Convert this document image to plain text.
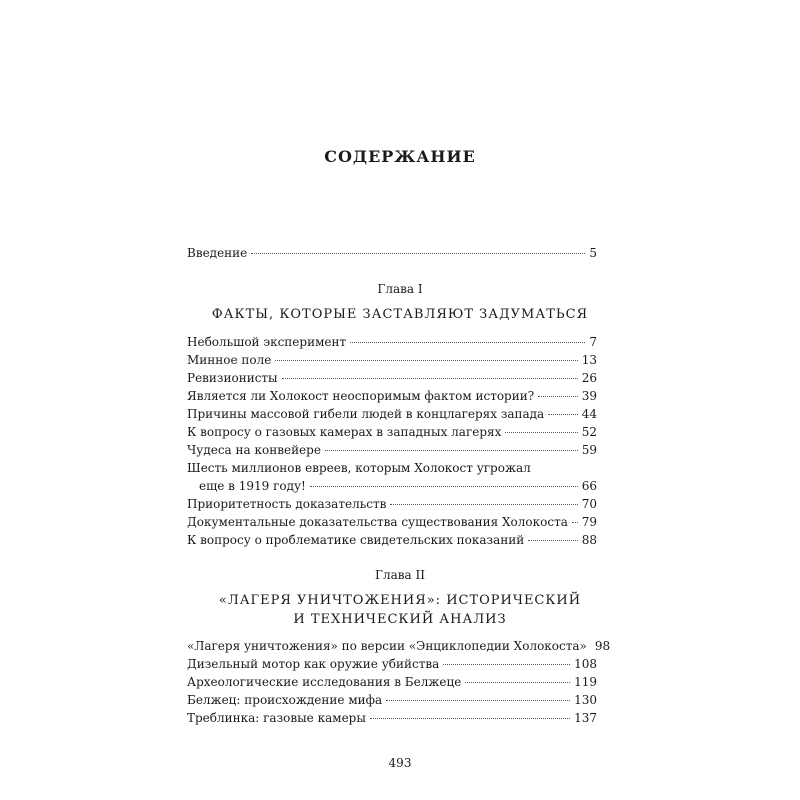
СОДЕРЖАНИЕ
Введение	5
Глава I
ФАКТЫ, КОТОРЫЕ ЗАСТАВЛЯЮТ ЗАДУМАТЬСЯ
Небольшой эксперимент	7
Минное поле	13
Ревизионисты	26
Является ли Холокост неоспоримым фактом истории?	39
Причины массовой гибели людей в концлагерях запада	44
К вопросу о газовых камерах в западных лагерях	52
Чудеса на конвейере	59
Шесть миллионов евреев, которым Холокост угрожал
еще в 1919 году!	66
Приоритетность доказательств	70
Документальные доказательства существования Холокоста 79
К вопросу о проблематике свидетельских показаний	88
Глава II
«ЛАГЕРЯ УНИЧТОЖЕНИЯ»: ИСТОРИЧЕСКИЙ
И ТЕХНИЧЕСКИЙ АНАЛИЗ
«Лагеря уничтожения» по версии «Энциклопедии Холокоста» 98
Дизельный мотор как оружие убийства	108
Археологические исследования в Белжеце	119
Белжец: происхождение мифа	130
Треблинка: газовые камеры	137
493
